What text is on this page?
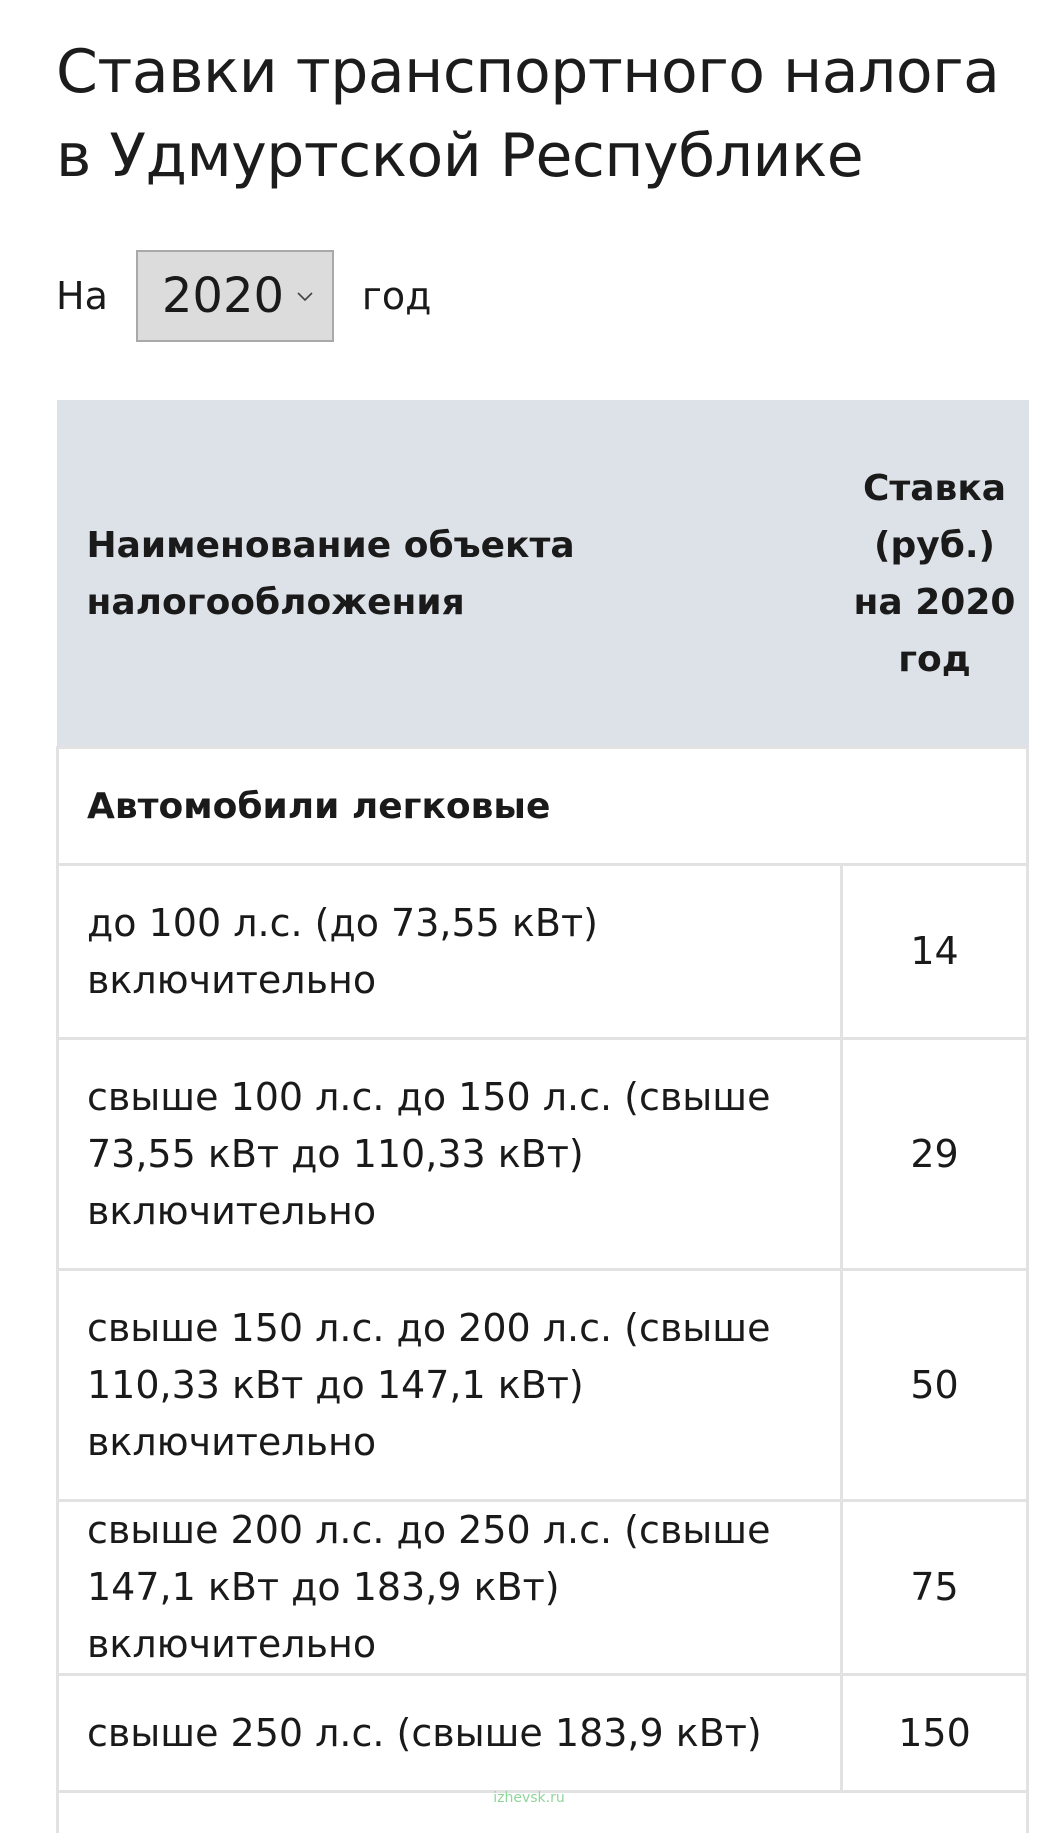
Ставки транспортного налога в Удмуртской Республике
На 2020 год
Наименование объекта налогообложения	Ставка (руб.) на 2020 год
Автомобили легковые	
до 100 л.с. (до 73,55 кВт) включительно	14
свыше 100 л.с. до 150 л.с. (свыше 73,55 кВт до 110,33 кВт) включительно	29
свыше 150 л.с. до 200 л.с. (свыше 110,33 кВт до 147,1 кВт) включительно	50
свыше 200 л.с. до 250 л.с. (свыше 147,1 кВт до 183,9 кВт) включительно	75
свыше 250 л.с. (свыше 183,9 кВт)	150

izhevsk.ru
